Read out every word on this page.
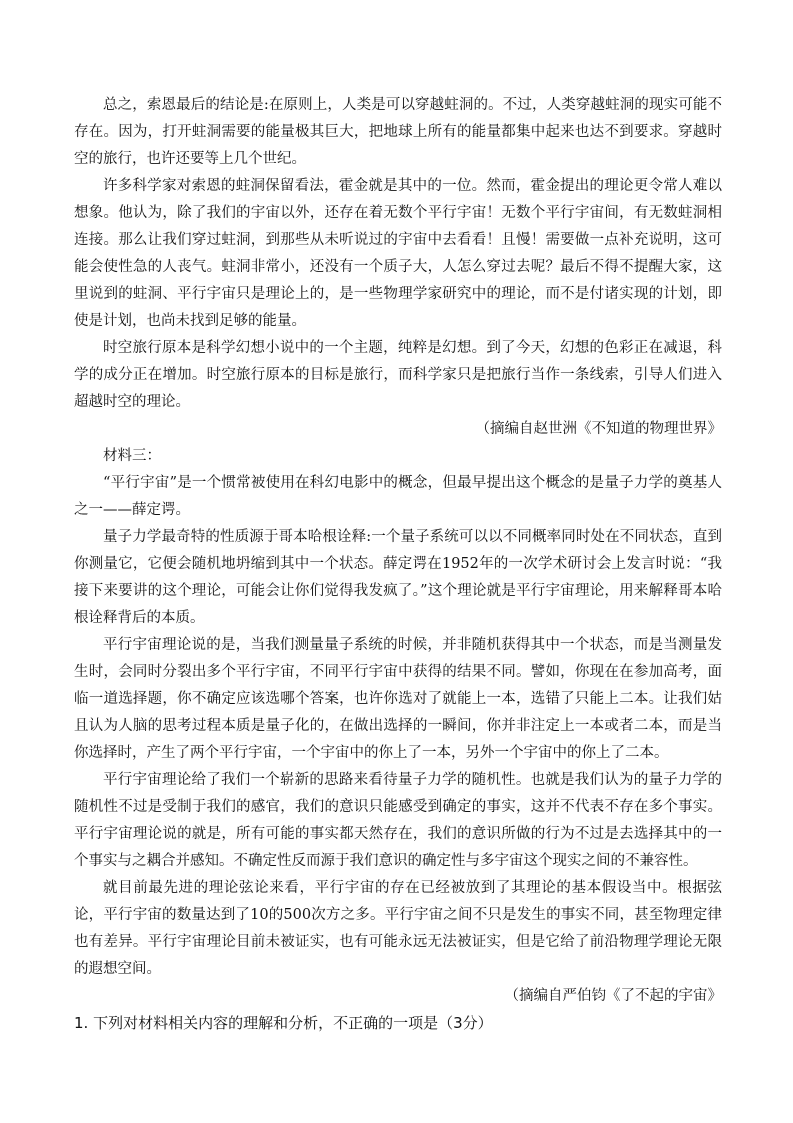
总之，索恩最后的结论是:在原则上，人类是可以穿越蛀洞的。不过，人类穿越蛀洞的现实可能不存在。因为，打开蛀洞需要的能量极其巨大，把地球上所有的能量都集中起来也达不到要求。穿越时空的旅行，也许还要等上几个世纪。

许多科学家对索恩的蛀洞保留看法，霍金就是其中的一位。然而，霍金提出的理论更令常人难以想象。他认为，除了我们的宇宙以外，还存在着无数个平行宇宙！无数个平行宇宙间，有无数蛀洞相连接。那么让我们穿过蛀洞，到那些从未听说过的宇宙中去看看！且慢！需要做一点补充说明，这可能会使性急的人丧气。蛀洞非常小，还没有一个质子大，人怎么穿过去呢？最后不得不提醒大家，这里说到的蛀洞、平行宇宙只是理论上的，是一些物理学家研究中的理论，而不是付诸实现的计划，即使是计划，也尚未找到足够的能量。

时空旅行原本是科学幻想小说中的一个主题，纯粹是幻想。到了今天，幻想的色彩正在减退，科学的成分正在增加。时空旅行原本的目标是旅行，而科学家只是把旅行当作一条线索，引导人们进入超越时空的理论。

（摘编自赵世洲《不知道的物理世界》

材料三：

“平行宇宙”是一个惯常被使用在科幻电影中的概念，但最早提出这个概念的是量子力学的奠基人之一——薛定谔。

量子力学最奇特的性质源于哥本哈根诠释:一个量子系统可以以不同概率同时处在不同状态，直到你测量它，它便会随机地坍缩到其中一个状态。薛定谔在1952年的一次学术研讨会上发言时说：“我接下来要讲的这个理论，可能会让你们觉得我发疯了。”这个理论就是平行宇宙理论，用来解释哥本哈根诠释背后的本质。

平行宇宙理论说的是，当我们测量量子系统的时候，并非随机获得其中一个状态，而是当测量发生时，会同时分裂出多个平行宇宙，不同平行宇宙中获得的结果不同。譬如，你现在在参加高考，面临一道选择题，你不确定应该选哪个答案，也许你选对了就能上一本，选错了只能上二本。让我们姑且认为人脑的思考过程本质是量子化的，在做出选择的一瞬间，你并非注定上一本或者二本，而是当你选择时，产生了两个平行宇宙，一个宇宙中的你上了一本，另外一个宇宙中的你上了二本。

平行宇宙理论给了我们一个崭新的思路来看待量子力学的随机性。也就是我们认为的量子力学的随机性不过是受制于我们的感官，我们的意识只能感受到确定的事实，这并不代表不存在多个事实。平行宇宙理论说的就是，所有可能的事实都天然存在，我们的意识所做的行为不过是去选择其中的一个事实与之耦合并感知。不确定性反而源于我们意识的确定性与多宇宙这个现实之间的不兼容性。

就目前最先进的理论弦论来看，平行宇宙的存在已经被放到了其理论的基本假设当中。根据弦论，平行宇宙的数量达到了10的500次方之多。平行宇宙之间不只是发生的事实不同，甚至物理定律也有差异。平行宇宙理论目前未被证实，也有可能永远无法被证实，但是它给了前沿物理学理论无限的遐想空间。

（摘编自严伯钧《了不起的宇宙》

1. 下列对材料相关内容的理解和分析，不正确的一项是（3分）
